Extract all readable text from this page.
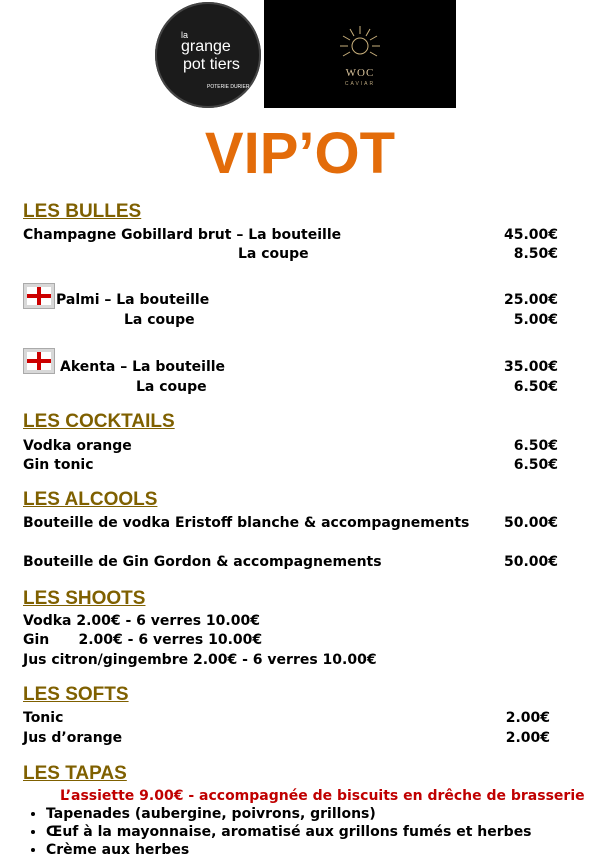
la
grange
pot tiers
POTERIE DURIER
WOC
CAVIAR
VIP’OT
LES BULLES
Champagne Gobillard brut – La bouteille	45.00€
La coupe	8.50€
Palmi – La bouteille	25.00€
La coupe	5.00€
Akenta – La bouteille	35.00€
La coupe	6.50€
LES COCKTAILS
Vodka orange	6.50€
Gin tonic	6.50€
LES ALCOOLS
Bouteille de vodka Eristoff blanche & accompagnements	50.00€
Bouteille de Gin Gordon & accompagnements	50.00€
LES SHOOTS
Vodka 2.00€ - 6 verres 10.00€
Gin      2.00€ - 6 verres 10.00€
Jus citron/gingembre 2.00€ - 6 verres 10.00€
LES SOFTS
Tonic	2.00€
Jus d’orange	2.00€
LES TAPAS
L’assiette 9.00€ - accompagnée de biscuits en drêche de brasserie
• Tapenades (aubergine, poivrons, grillons)
• Œuf à la mayonnaise, aromatisé aux grillons fumés et herbes
• Crème aux herbes
